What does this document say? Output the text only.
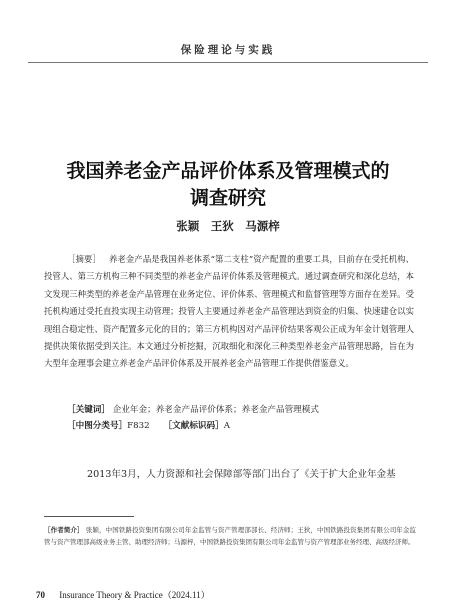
保险理论与实践
我国养老金产品评价体系及管理模式的
调查研究
张颖　王狄　马源梓
［摘要］ 养老金产品是我国养老体系“第二支柱”资产配置的重要工具，目前存在受托机构、投管人、第三方机构三种不同类型的养老金产品评价体系及管理模式。通过调查研究和深化总结，本文发现三种类型的养老金产品管理在业务定位、评价体系、管理模式和监督管理等方面存在差异。受托机构通过受托直投实现主动管理；投管人主要通过养老金产品管理达到资金的归集、快速建仓以实现组合稳定性、资产配置多元化的目的；第三方机构因对产品评价结果客观公正成为年金计划管理人提供决策依据受到关注。本文通过分析挖掘，沉取细化和深化三种类型养老金产品管理思路，旨在为大型年金理事会建立养老金产品评价体系及开展养老金产品管理工作提供借鉴意义。
［关键词］ 企业年金；养老金产品评价体系；养老金产品管理模式
［中图分类号］F832 ［文献标识码］A
2013年3月，人力资源和社会保障部等部门出台了《关于扩大企业年金基
［作者简介］ 张颖，中国铁路投资集团有限公司年金监管与资产管理部部长、经济师；王狄，中国铁路投资集团有限公司年金监管与资产管理部高级业务主管、助理经济师；马源梓，中国铁路投资集团有限公司年金监管与资产管理部业务经理、高级经济师。
70 Insurance Theory & Practice（2024.11）
